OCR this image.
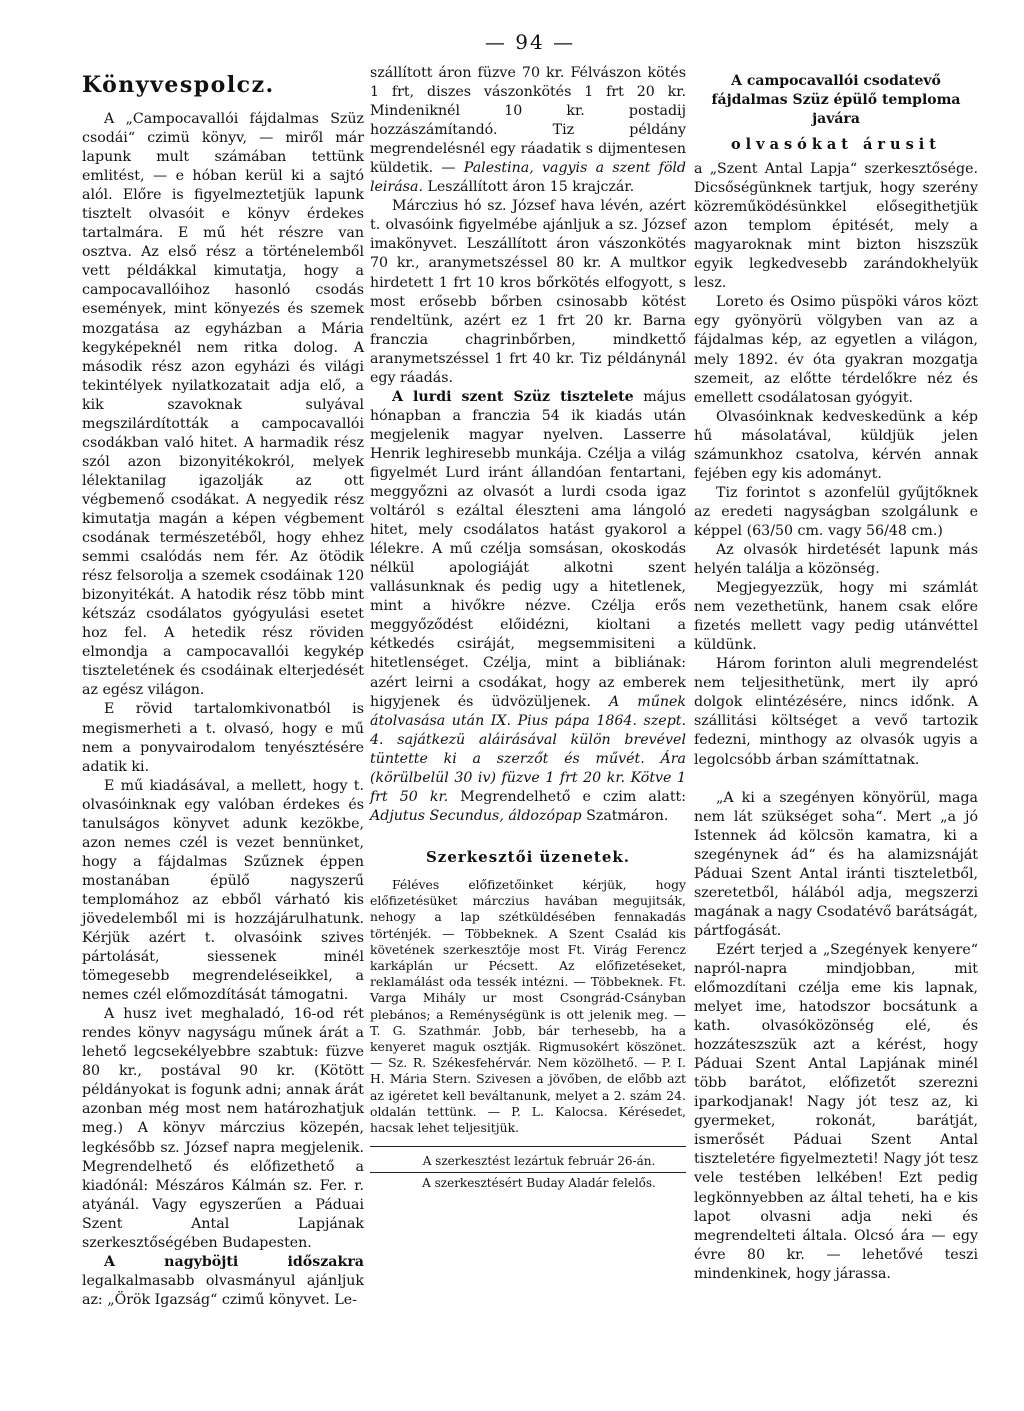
— 94 —
Könyvespolcz.

A „Campocavallói fájdalmas Szüz csodái“ czimü könyv, — miről már lapunk mult számában tettünk emlitést, — e hóban kerül ki a sajtó alól. Előre is figyelmeztetjük lapunk tisztelt olvasóit e könyv érdekes tartalmára. E mű hét részre van osztva. Az első rész a történelemből vett példákkal kimutatja, hogy a campocavallóihoz hasonló csodás események, mint könyezés és szemek mozgatása az egyházban a Mária kegyképeknél nem ritka dolog. A második rész azon egyházi és világi tekintélyek nyilatkozatait adja elő, a kik szavoknak sulyával megszilárdították a campocavallói csodákban való hitet. A harmadik rész szól azon bizonyitékokról, melyek lélektanilag igazolják az ott végbemenő csodákat. A negyedik rész kimutatja magán a képen végbement csodának természetéből, hogy ehhez semmi csalódás nem fér. Az ötödik rész felsorolja a szemek csodáinak 120 bizonyitékát. A hatodik rész több mint kétszáz csodálatos gyógyulási esetet hoz fel. A hetedik rész röviden elmondja a campocavallói kegykép tiszteletének és csodáinak elterjedését az egész világon.

E rövid tartalomkivonatból is megismerheti a t. olvasó, hogy e mű nem a ponyvairodalom tenyésztésére adatik ki.

E mű kiadásával, a mellett, hogy t. olvasóinknak egy valóban érdekes és tanulságos könyvet adunk kezökbe, azon nemes czél is vezet bennünket, hogy a fájdalmas Szűznek éppen mostanában épülő nagyszerű templomához az ebből várható kis jövedelemből mi is hozzájárulhatunk. Kérjük azért t. olvasóink szives pártolását, siessenek minél tömegesebb megrendeléseikkel, a nemes czél előmozdítását támogatni.

A husz ivet meghaladó, 16-od rét rendes könyv nagyságu műnek árát a lehető legcsekélyebbre szabtuk: füzve 80 kr., postával 90 kr. (Kötött példányokat is fogunk adni; annak árát azonban még most nem határozhatjuk meg.) A könyv márczius közepén, legkésőbb sz. József napra megjelenik. Megrendelhető és előfizethető a kiadónál: Mészáros Kálmán sz. Fer. r. atyánál. Vagy egyszerűen a Páduai Szent Antal Lapjának szerkesztőségében Budapesten.

A nagyböjti időszakra legalkalmasabb olvasmányul ajánljuk az: „Örök Igazság“ czimű könyvet. Le-

szállított áron füzve 70 kr. Félvászon kötés 1 frt, diszes vászonkötés 1 frt 20 kr. Mindeniknél 10 kr. postadij hozzászámítandó. Tiz példány megrendelésnél egy ráadatik s dijmentesen küldetik. — Palestina, vagyis a szent föld leirása. Leszállított áron 15 krajczár.

Márczius hó sz. József hava lévén, azért t. olvasóink figyelmébe ajánljuk a sz. József imakönyvet. Leszállított áron vászonkötés 70 kr., aranymetszéssel 80 kr. A multkor hirdetett 1 frt 10 kros bőrkötés elfogyott, s most erősebb bőrben csinosabb kötést rendeltünk, azért ez 1 frt 20 kr. Barna franczia chagrinbőrben, mindkettő aranymetszéssel 1 frt 40 kr. Tiz példánynál egy ráadás.

A lurdi szent Szüz tisztelete május hónapban a franczia 54 ik kiadás után megjelenik magyar nyelven. Lasserre Henrik leghiresebb munkája. Czélja a világ figyelmét Lurd iránt állandóan fentartani, meggyőzni az olvasót a lurdi csoda igaz voltáról s ezáltal éleszteni ama lángoló hitet, mely csodálatos hatást gyakorol a lélekre. A mű czélja somsásan, okoskodás nélkül apologiáját alkotni szent vallásunknak és pedig ugy a hitetlenek, mint a hivőkre nézve. Czélja erős meggyőződést előidézni, kioltani a kétkedés csiráját, megsemmisiteni a hitetlenséget. Czélja, mint a bibliának: azért leirni a csodákat, hogy az emberek higyjenek és üdvözüljenek. A műnek átolvasása után IX. Pius pápa 1864. szept. 4. sajátkezü aláirásával külön brevével tüntette ki a szerzőt és művét. Ára (körülbelül 30 iv) füzve 1 frt 20 kr. Kötve 1 frt 50 kr. Megrendelhető e czim alatt: Adjutus Secundus, áldozópap Szatmáron.

Szerkesztői üzenetek.

Féléves előfizetőinket kérjük, hogy előfizetésüket márczius havában megujitsák, nehogy a lap szétküldésében fennakadás történjék. — Többeknek. A Szent Család kis követének szerkesztője most Ft. Virág Ferencz karkáplán ur Pécsett. Az előfizetéseket, reklamálást oda tessék intézni. — Többeknek. Ft. Varga Mihály ur most Csongrád-Csányban plebános; a Reménységünk is ott jelenik meg. — T. G. Szathmár. Jobb, bár terhesebb, ha a kenyeret maguk osztják. Rigmusokért köszönet. — Sz. R. Székesfehérvár. Nem közölhető. — P. I. H. Mária Stern. Szivesen a jövőben, de előbb azt az igéretet kell beváltanunk, melyet a 2. szám 24. oldalán tettünk. — P. L. Kalocsa. Kérésedet, hacsak lehet teljesitjük.

A szerkesztést lezártuk február 26-án.

A szerkesztésért Buday Aladár felelős.

A campocavallói csodatevő fájdalmas Szüz épülő temploma javára

olvasókat árusit

a „Szent Antal Lapja“ szerkesztősége. Dicsőségünknek tartjuk, hogy szerény közreműködésünkkel elősegithetjük azon templom épitését, mely a magyaroknak mint bizton hiszszük egyik legkedvesebb zarándokhelyük lesz.

Loreto és Osimo püspöki város közt egy gyönyörü völgyben van az a fájdalmas kép, az egyetlen a világon, mely 1892. év óta gyakran mozgatja szemeit, az előtte térdelőkre néz és emellett csodálatosan gyógyit.

Olvasóinknak kedveskedünk a kép hű másolatával, küldjük jelen számunkhoz csatolva, kérvén annak fejében egy kis adományt.

Tiz forintot s azonfelül gyűjtőknek az eredeti nagyságban szolgálunk e képpel (63/50 cm. vagy 56/48 cm.)

Az olvasók hirdetését lapunk más helyén találja a közönség.

Megjegyezzük, hogy mi számlát nem vezethetünk, hanem csak előre fizetés mellett vagy pedig utánvéttel küldünk.

Három forinton aluli megrendelést nem teljesithetünk, mert ily apró dolgok elintézésére, nincs időnk. A szállitási költséget a vevő tartozik fedezni, minthogy az olvasók ugyis a legolcsóbb árban számíttatnak.

„A ki a szegényen könyörül, maga nem lát szükséget soha“. Mert „a jó Istennek ád kölcsön kamatra, ki a szegénynek ád“ és ha alamizsnáját Páduai Szent Antal iránti tiszteletből, szeretetből, hálából adja, megszerzi magának a nagy Csodatévő barátságát, pártfogását.

Ezért terjed a „Szegények kenyere“ napról-napra mindjobban, mit előmozdítani czélja eme kis lapnak, melyet ime, hatodszor bocsátunk a kath. olvasóközönség elé, és hozzáteszszük azt a kérést, hogy Páduai Szent Antal Lapjának minél több barátot, előfizetőt szerezni iparkodjanak! Nagy jót tesz az, ki gyermeket, rokonát, barátját, ismerősét Páduai Szent Antal tiszteletére figyelmezteti! Nagy jót tesz vele testében lelkében! Ezt pedig legkönnyebben az által teheti, ha e kis lapot olvasni adja neki és megrendelteti általa. Olcsó ára — egy évre 80 kr. — lehetővé teszi mindenkinek, hogy járassa.
